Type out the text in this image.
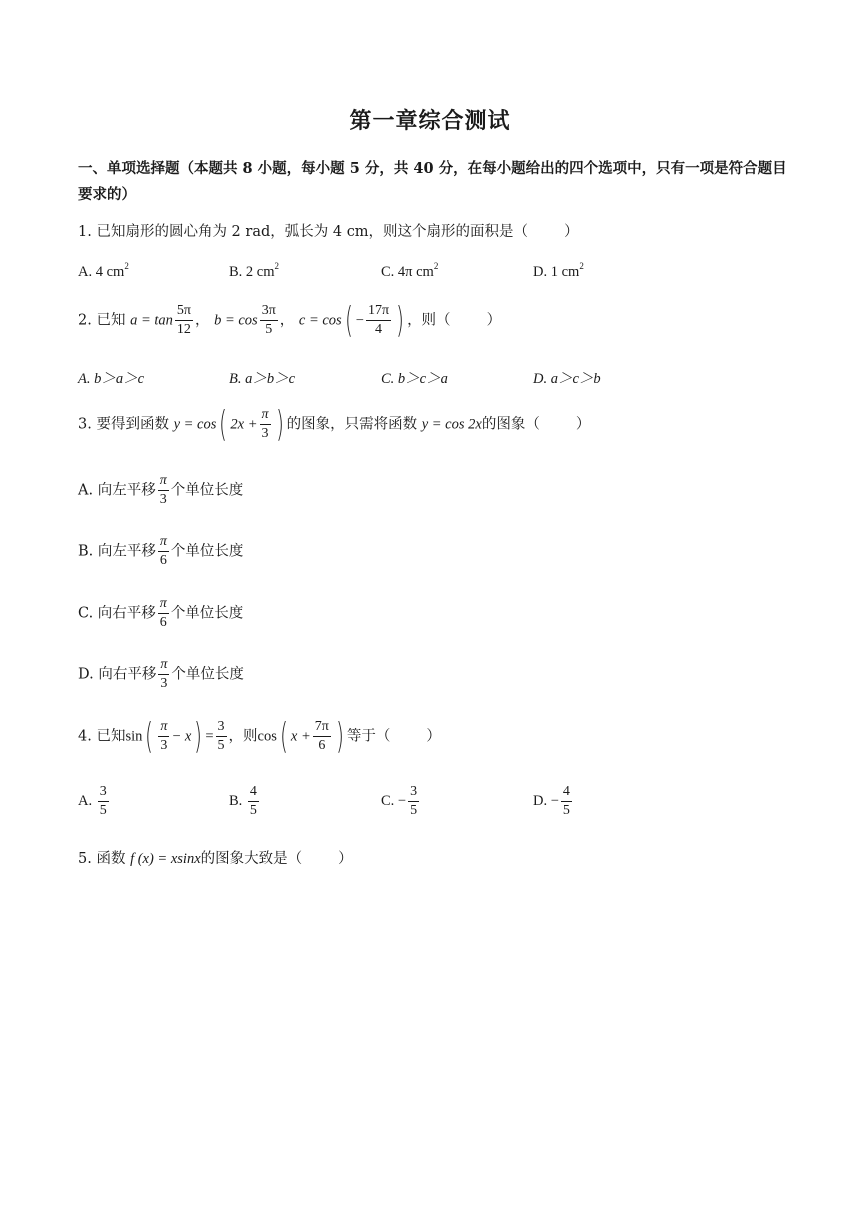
第一章综合测试
一、单项选择题（本题共 8 小题，每小题 5 分，共 40 分，在每小题给出的四个选项中，只有一项是符合题目要求的）
1. 已知扇形的圆心角为 2 rad，弧长为 4 cm，则这个扇形的面积是（ ）
A. 4 $cm^2$	B. 2 $cm^2$	C. 4π $cm^2$	D. 1 $cm^2$
2. 已知 $a = \tan \frac{5\pi}{12}$ ， $b = \cos \frac{3\pi}{5}$ ， $c = \cos( - \frac{17\pi}{4}$ ) ，则（ ）
A. b＞a＞c	B. a＞b＞c	C. b＞c＞a	D. a＞c＞b
3. 要得到函数 y = cos( $2x + \frac{\pi}{3}$ ) 的图象，只需将函数 y = cos 2x的图象（ ）
A. 向左平移 $\frac{\pi}{3}$ 个单位长度
B. 向左平移 $\frac{\pi}{6}$ 个单位长度
C. 向右平移 $\frac{\pi}{6}$ 个单位长度
D. 向右平移 $\frac{\pi}{3}$ 个单位长度
4. 已知$\sin( \frac{\pi}{3} - x) = \frac{3}{5}$ ，则cos( $x + \frac{7\pi}{6}$ ) 等于（ ）
A. $\frac{3}{5}$	B. $\frac{4}{5}$	C. − $\frac{3}{5}$	D. − $\frac{4}{5}$
5. 函数 f (x) = xsinx的图象大致是（ ）
